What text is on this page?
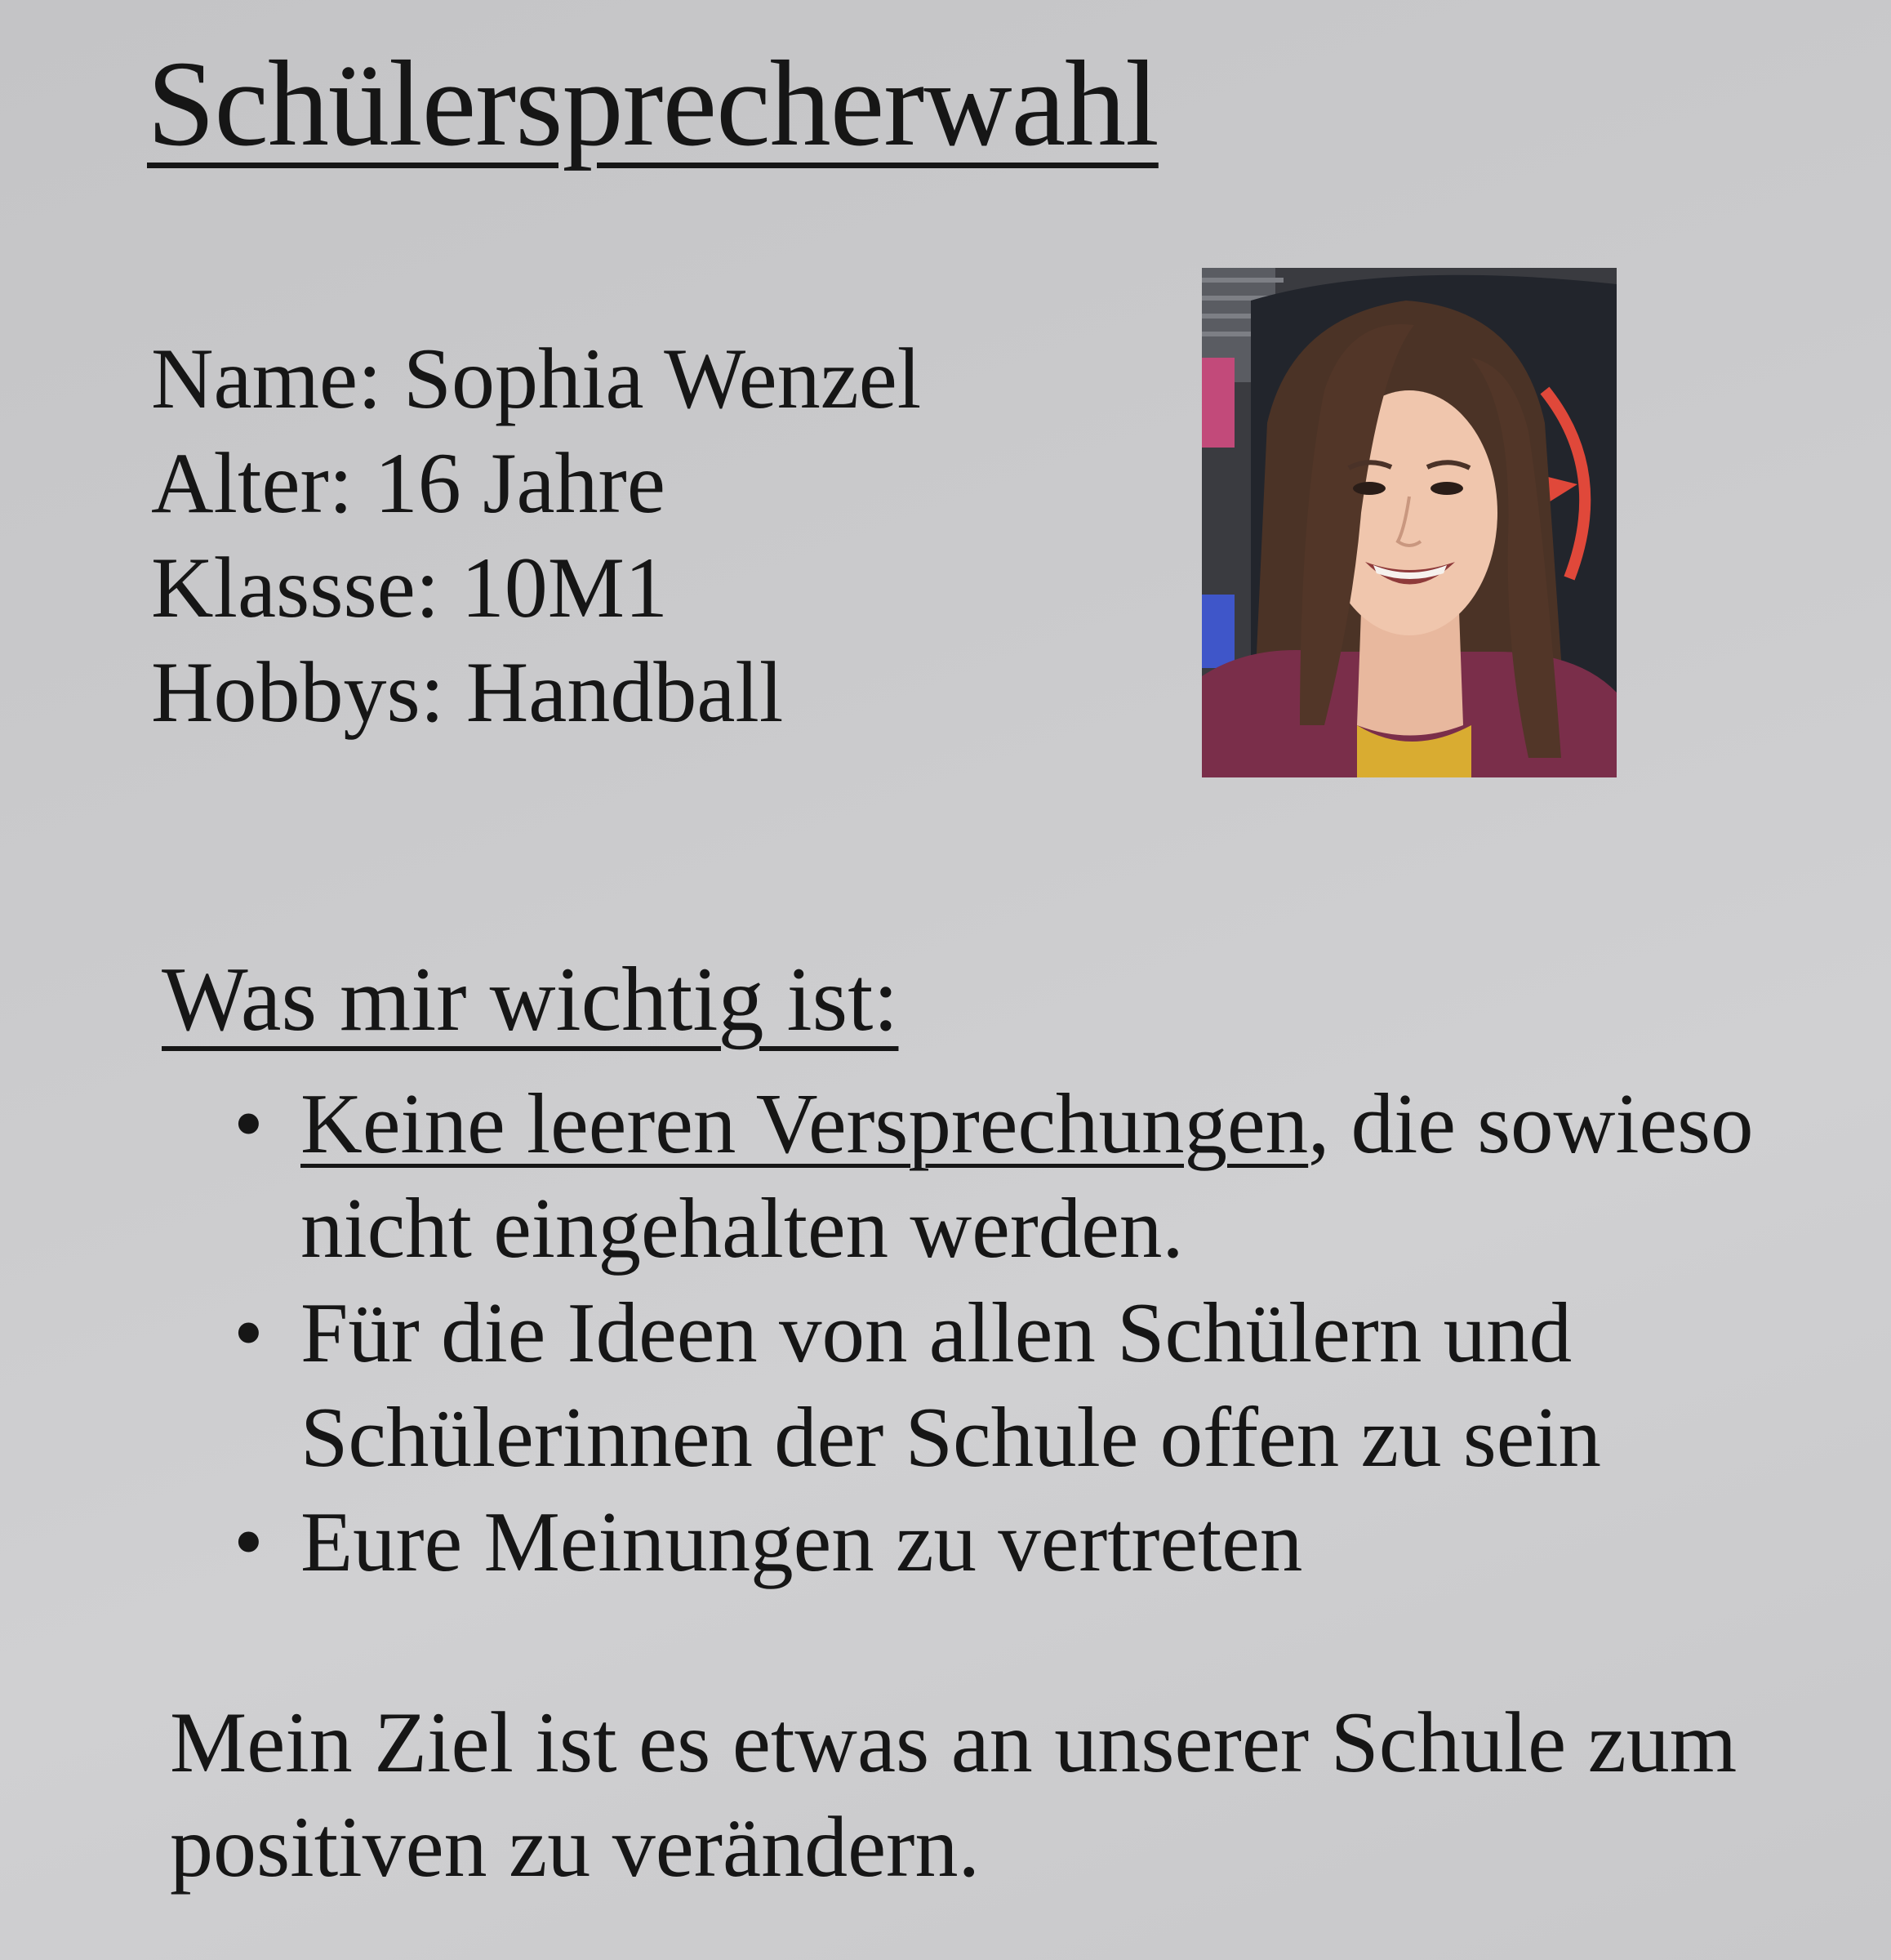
Schülersprecherwahl
Name: Sophia Wenzel
Alter: 16 Jahre
Klassse: 10M1
Hobbys: Handball
Was mir wichtig ist:
• Keine leeren Versprechungen, die sowieso nicht eingehalten werden.
• Für die Ideen von allen Schülern und Schülerinnen der Schule offen zu sein
• Eure Meinungen zu vertreten

Mein Ziel ist es etwas an unserer Schule zum positiven zu verändern.
